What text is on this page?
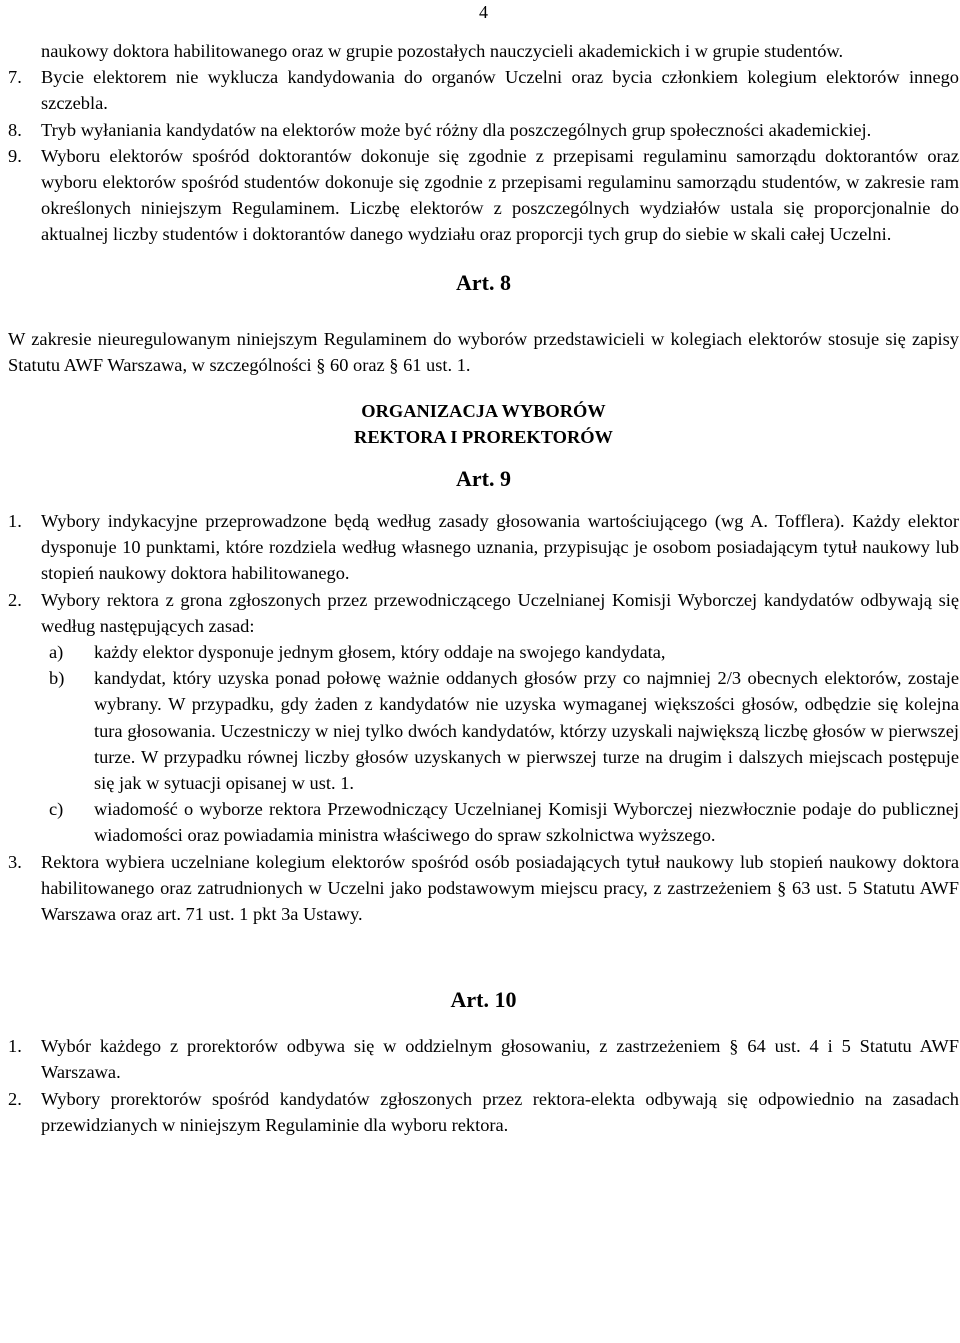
4
naukowy doktora habilitowanego oraz w grupie pozostałych nauczycieli akademickich i w grupie studentów.
7.	Bycie elektorem nie wyklucza kandydowania do organów Uczelni oraz bycia członkiem kolegium elektorów innego szczebla.
8.	Tryb wyłaniania kandydatów na elektorów może być różny dla poszczególnych grup społeczności akademickiej.
9.	Wyboru elektorów spośród doktorantów dokonuje się zgodnie z przepisami regulaminu samorządu doktorantów oraz wyboru elektorów spośród studentów dokonuje się zgodnie z przepisami regulaminu samorządu studentów, w zakresie ram określonych niniejszym Regulaminem. Liczbę elektorów z poszczególnych wydziałów ustala się proporcjonalnie do aktualnej liczby studentów i doktorantów danego wydziału oraz proporcji tych grup do siebie w skali całej Uczelni.
Art. 8
W zakresie nieuregulowanym niniejszym Regulaminem do wyborów przedstawicieli w kolegiach elektorów stosuje się zapisy Statutu AWF Warszawa, w szczególności § 60 oraz § 61 ust. 1.
ORGANIZACJA WYBORÓW
REKTORA I PROREKTORÓW
Art. 9
1.	Wybory indykacyjne przeprowadzone będą według zasady głosowania wartościującego (wg A. Tofflera). Każdy elektor dysponuje 10 punktami, które rozdziela według własnego uznania, przypisując je osobom posiadającym tytuł naukowy lub stopień naukowy doktora habilitowanego.
2.	Wybory rektora z grona zgłoszonych przez przewodniczącego Uczelnianej Komisji Wyborczej kandydatów odbywają się według następujących zasad:
a)	każdy elektor dysponuje jednym głosem, który oddaje na swojego kandydata,
b)	kandydat, który uzyska ponad połowę ważnie oddanych głosów przy co najmniej 2/3 obecnych elektorów, zostaje wybrany. W przypadku, gdy żaden z kandydatów nie uzyska wymaganej większości głosów, odbędzie się kolejna tura głosowania. Uczestniczy w niej tylko dwóch kandydatów, którzy uzyskali największą liczbę głosów w pierwszej turze. W przypadku równej liczby głosów uzyskanych w pierwszej turze na drugim i dalszych miejscach postępuje się jak w sytuacji opisanej w ust. 1.
c)	wiadomość o wyborze rektora Przewodniczący Uczelnianej Komisji Wyborczej niezwłocznie podaje do publicznej wiadomości oraz powiadamia ministra właściwego do spraw szkolnictwa wyższego.
3.	Rektora wybiera uczelniane kolegium elektorów spośród osób posiadających tytuł naukowy lub stopień naukowy doktora habilitowanego oraz zatrudnionych w Uczelni jako podstawowym miejscu pracy, z zastrzeżeniem § 63 ust. 5 Statutu AWF Warszawa oraz art. 71 ust. 1 pkt 3a Ustawy.
Art. 10
1.	Wybór każdego z prorektorów odbywa się w oddzielnym głosowaniu, z zastrzeżeniem § 64 ust. 4 i 5 Statutu AWF Warszawa.
2.	Wybory prorektorów spośród kandydatów zgłoszonych przez rektora-elekta odbywają się odpowiednio na zasadach przewidzianych w niniejszym Regulaminie dla wyboru rektora.
